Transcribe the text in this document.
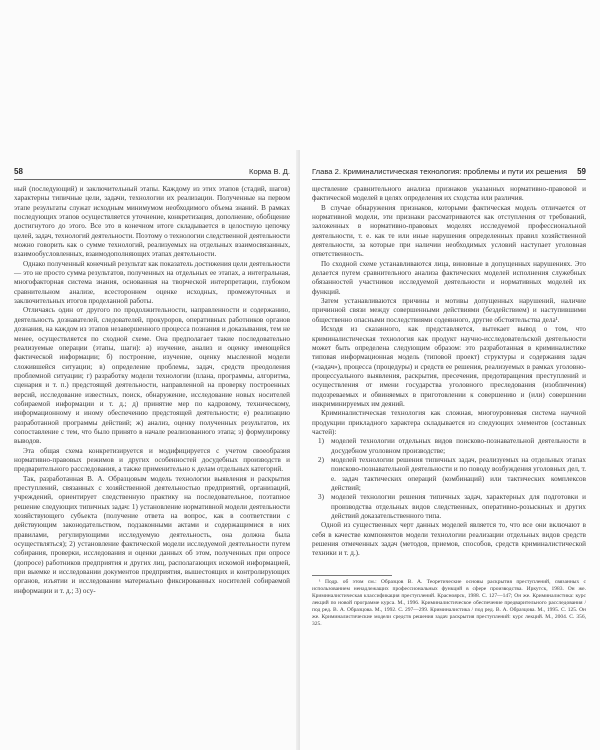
58	Корма В. Д.

ный (последующий) и заключительный этапы. Каждому из этих этапов (стадий, шагов) характерны типичные цели, задачи, технологии их реализации. Полученные на первом этапе результаты служат исходным минимумом необходимого объема знаний. В рамках последующих этапов осуществляется уточнение, конкретизация, дополнение, обобщение достигнутого до этого. Все это в конечном итоге складывается в целостную цепочку целей, задач, технологий деятельности. Поэтому о технологии следственной деятельности можно говорить как о сумме технологий, реализуемых на отдельных взаимосвязанных, взаимообусловленных, взаимодополняющих этапах деятельности.

Однако полученный конечный результат как показатель достижения цели деятельности — это не просто сумма результатов, полученных на отдельных ее этапах, а интегральная, многофакторная система знания, основанная на творческой интерпретации, глубоком сравнительном анализе, всестороннем оценке исходных, промежуточных и заключительных итогов проделанной работы.

Отличаясь один от другого по продолжительности, направленности и содержанию, деятельность дознавателей, следователей, прокуроров, оперативных работников органов дознания, на каждом из этапов незавершенного процесса познания и доказывания, тем не менее, осуществляется по сходной схеме. Она предполагает такие последовательно реализуемые операции (этапы, шаги): а) изучение, анализ и оценку имеющейся фактической информации; б) построение, изучение, оценку мысленной модели сложившейся ситуации; в) определение проблемы, задач, средств преодоления проблемной ситуации; г) разработку модели технологии (плана, программы, алгоритма, сценария и т. п.) предстоящей деятельности, направленной на проверку построенных версий, исследование известных, поиск, обнаружение, исследование новых носителей собираемой информации и т. д.; д) принятие мер по кадровому, техническому, информационному и иному обеспечению предстоящей деятельности; е) реализацию разработанной программы действий; ж) анализ, оценку полученных результатов, их сопоставление с тем, что было принято в начале реализованного этапа; з) формулировку выводов.

Эта общая схема конкретизируется и модифицируется с учетом своеобразия нормативно-правовых режимов и других особенностей досудебных производств и предварительного расследования, а также применительно к делам отдельных категорий.

Так, разработанная В. А. Образцовым модель технологии выявления и раскрытия преступлений, связанных с хозяйственной деятельностью предприятий, организаций, учреждений, ориентирует следственную практику на последовательное, поэтапное решение следующих типичных задач: 1) установление нормативной модели деятельности хозяйствующего субъекта (получение ответа на вопрос, как в соответствии с действующим законодательством, подзаконными актами и содержащимися в них правилами, регулирующими исследуемую деятельность, она должна была осуществляться); 2) установление фактической модели исследуемой деятельности путем собирания, проверки, исследования и оценки данных об этом, полученных при опросе (допросе) работников предприятия и других лиц, располагающих искомой информацией, при выемке и исследовании документов предприятия, вышестоящих и контролирующих органов, изъятии и исследовании материально фиксированных носителей собираемой информации и т. д.; 3) осу-

Глава 2. Криминалистическая технология: проблемы и пути их решения 59

ществление сравнительного анализа признаков указанных нормативно-правовой и фактической моделей в целях определения их сходства или различия.

В случае обнаружения признаков, которыми фактическая модель отличается от нормативной модели, эти признаки рассматриваются как отступления от требований, заложенных в нормативно-правовых моделях исследуемой профессиональной деятельности, т. е. как те или иные нарушения определенных правил хозяйственной деятельности, за которые при наличии необходимых условий наступает уголовная ответственность.

По сходной схеме устанавливаются лица, виновные в допущенных нарушениях. Это делается путем сравнительного анализа фактических моделей исполнения служебных обязанностей участников исследуемой деятельности и нормативных моделей их функций.

Затем устанавливаются причины и мотивы допущенных нарушений, наличие причинной связи между совершенными действиями (бездействием) и наступившими общественно опасными последствиями содеянного, другие обстоятельства дела¹.

Исходя из сказанного, как представляется, вытекает вывод о том, что криминалистическая технология как продукт научно-исследовательской деятельности может быть определена следующим образом: это разработанная в криминалистике типовая информационная модель (типовой проект) структуры и содержания задач («задач»), процесса (процедуры) и средств ее решения, реализуемых в рамках уголовно-процессуального выявления, раскрытия, пресечения, предотвращения преступлений и осуществления от имени государства уголовного преследования (изобличения) подозреваемых и обвиняемых в приготовлении к совершению и (или) совершении инкриминируемых им деяний.

Криминалистическая технология как сложная, многоуровневая система научной продукции прикладного характера складывается из следующих элементов (составных частей):

1) моделей технологии отдельных видов поисково-познавательной деятельности в досудебном уголовном производстве;
2) моделей технологии решения типичных задач, реализуемых на отдельных этапах поисково-познавательной деятельности и по поводу возбуждения уголовных дел, т. е. задач тактических операций (комбинаций) или тактических комплексов действий;
3) моделей технологии решения типичных задач, характерных для подготовки и производства отдельных видов следственных, оперативно-розыскных и других действий доказательственного типа.

Одной из существенных черт данных моделей является то, что все они включают в себя в качестве компонентов модели технологии реализации отдельных видов средств решения отмеченных задач (методов, приемов, способов, средств криминалистической техники и т. д.).

¹ Подр. об этом см.: Образцов В. А. Теоретические основы раскрытия преступлений, связанных с использованием ненадлежащих профессиональных функций в сфере производства. Иркутск, 1983. Он же. Криминалистическая классификация преступлений. Красноярск, 1988. С. 127—147; Он же. Криминалистика: курс лекций по новой программе курса. М., 1996. Криминалистическое обеспечение предварительного расследования / под ред. В. А. Образцова. М., 1992. С. 297—299. Криминалистика / под ред. В. А. Образцова. М., 1995. С. 125. Он же. Криминалистические модели средств решения задач раскрытия преступлений: курс лекций. М., 2004. С. 356, 325.
